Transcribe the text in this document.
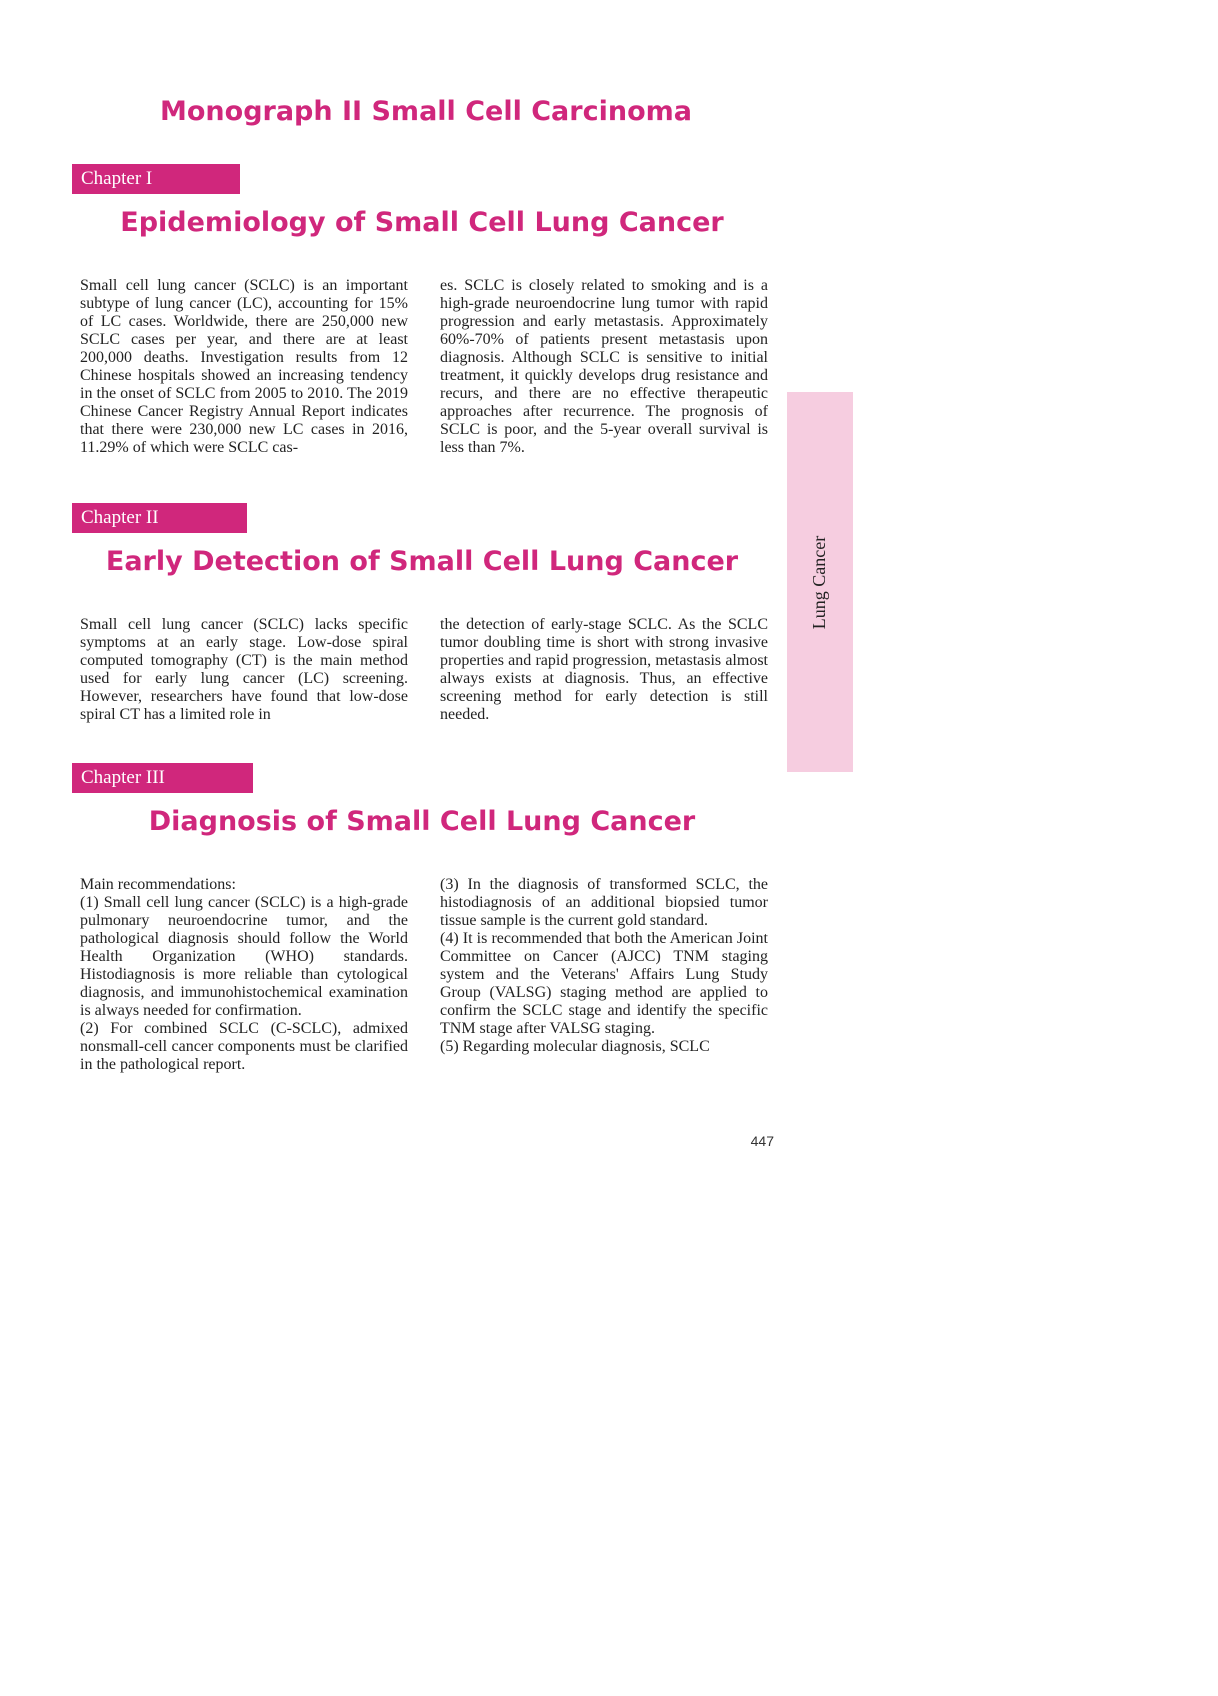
Monograph II Small Cell Carcinoma
Chapter I
Epidemiology of Small Cell Lung Cancer

Small cell lung cancer (SCLC) is an important subtype of lung cancer (LC), accounting for 15% of LC cases. Worldwide, there are 250,000 new SCLC cases per year, and there are at least 200,000 deaths. Investigation results from 12 Chinese hospitals showed an increasing tendency in the onset of SCLC from 2005 to 2010. The 2019 Chinese Cancer Registry Annual Report indicates that there were 230,000 new LC cases in 2016, 11.29% of which were SCLC cas-

es. SCLC is closely related to smoking and is a high-grade neuroendocrine lung tumor with rapid progression and early metastasis. Approximately 60%-70% of patients present metastasis upon diagnosis. Although SCLC is sensitive to initial treatment, it quickly develops drug resistance and recurs, and there are no effective therapeutic approaches after recurrence. The prognosis of SCLC is poor, and the 5-year overall survival is less than 7%.

Chapter II
Early Detection of Small Cell Lung Cancer

Small cell lung cancer (SCLC) lacks specific symptoms at an early stage. Low-dose spiral computed tomography (CT) is the main method used for early lung cancer (LC) screening. However, researchers have found that low-dose spiral CT has a limited role in

the detection of early-stage SCLC. As the SCLC tumor doubling time is short with strong invasive properties and rapid progression, metastasis almost always exists at diagnosis. Thus, an effective screening method for early detection is still needed.

Chapter III
Diagnosis of Small Cell Lung Cancer

Main recommendations:

(1) Small cell lung cancer (SCLC) is a high-grade pulmonary neuroendocrine tumor, and the pathological diagnosis should follow the World Health Organization (WHO) standards. Histodiagnosis is more reliable than cytological diagnosis, and immunohistochemical examination is always needed for confirmation.

(2) For combined SCLC (C-SCLC), admixed nonsmall-cell cancer components must be clarified in the pathological report.

(3) In the diagnosis of transformed SCLC, the histodiagnosis of an additional biopsied tumor tissue sample is the current gold standard.

(4) It is recommended that both the American Joint Committee on Cancer (AJCC) TNM staging system and the Veterans' Affairs Lung Study Group (VALSG) staging method are applied to confirm the SCLC stage and identify the specific TNM stage after VALSG staging.

(5) Regarding molecular diagnosis, SCLC

Lung Cancer
447
